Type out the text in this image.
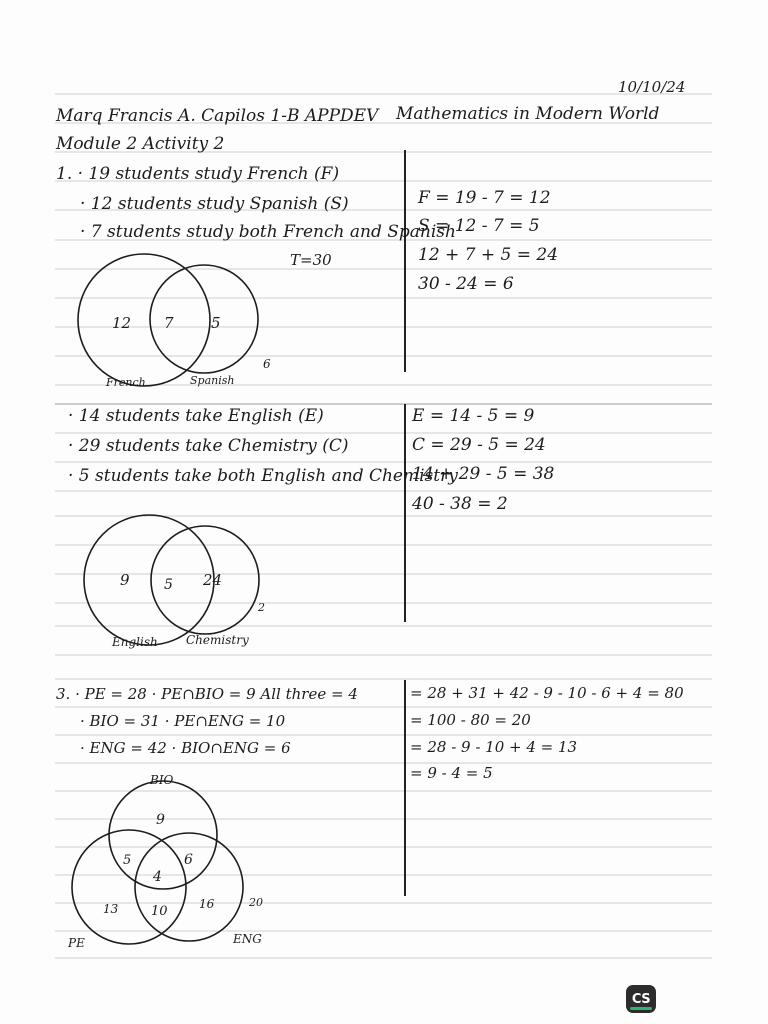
10/10/24
Marq Francis A. Capilos 1-B APPDEV Mathematics in Modern World
Module 2 Activity 2
1. · 19 students study French (F)
· 12 students study Spanish (S)
· 7 students study both French and Spanish
T=30
F = 19 - 7 = 12
S = 12 - 7 = 5
12 + 7 + 5 = 24
30 - 24 = 6
· 14 students take English (E)
· 29 students take Chemistry (C)
· 5 students take both English and Chemistry
E = 14 - 5 = 9
C = 29 - 5 = 24
14 + 29 - 5 = 38
40 - 38 = 2
3. · PE = 28 · PE∩BIO = 9 All three = 4
· BIO = 31 · PE∩ENG = 10
· ENG = 42 · BIO∩ENG = 6
= 28 + 31 + 42 - 9 - 10 - 6 + 4 = 80
= 100 - 80 = 20
= 28 - 9 - 10 + 4 = 13
= 9 - 4 = 5
12 7 5
6
French	Spanish
9 5 24
2
English Chemistry
BIO
9
5	6
4
13	10	16	20
PE	ENG
CS
